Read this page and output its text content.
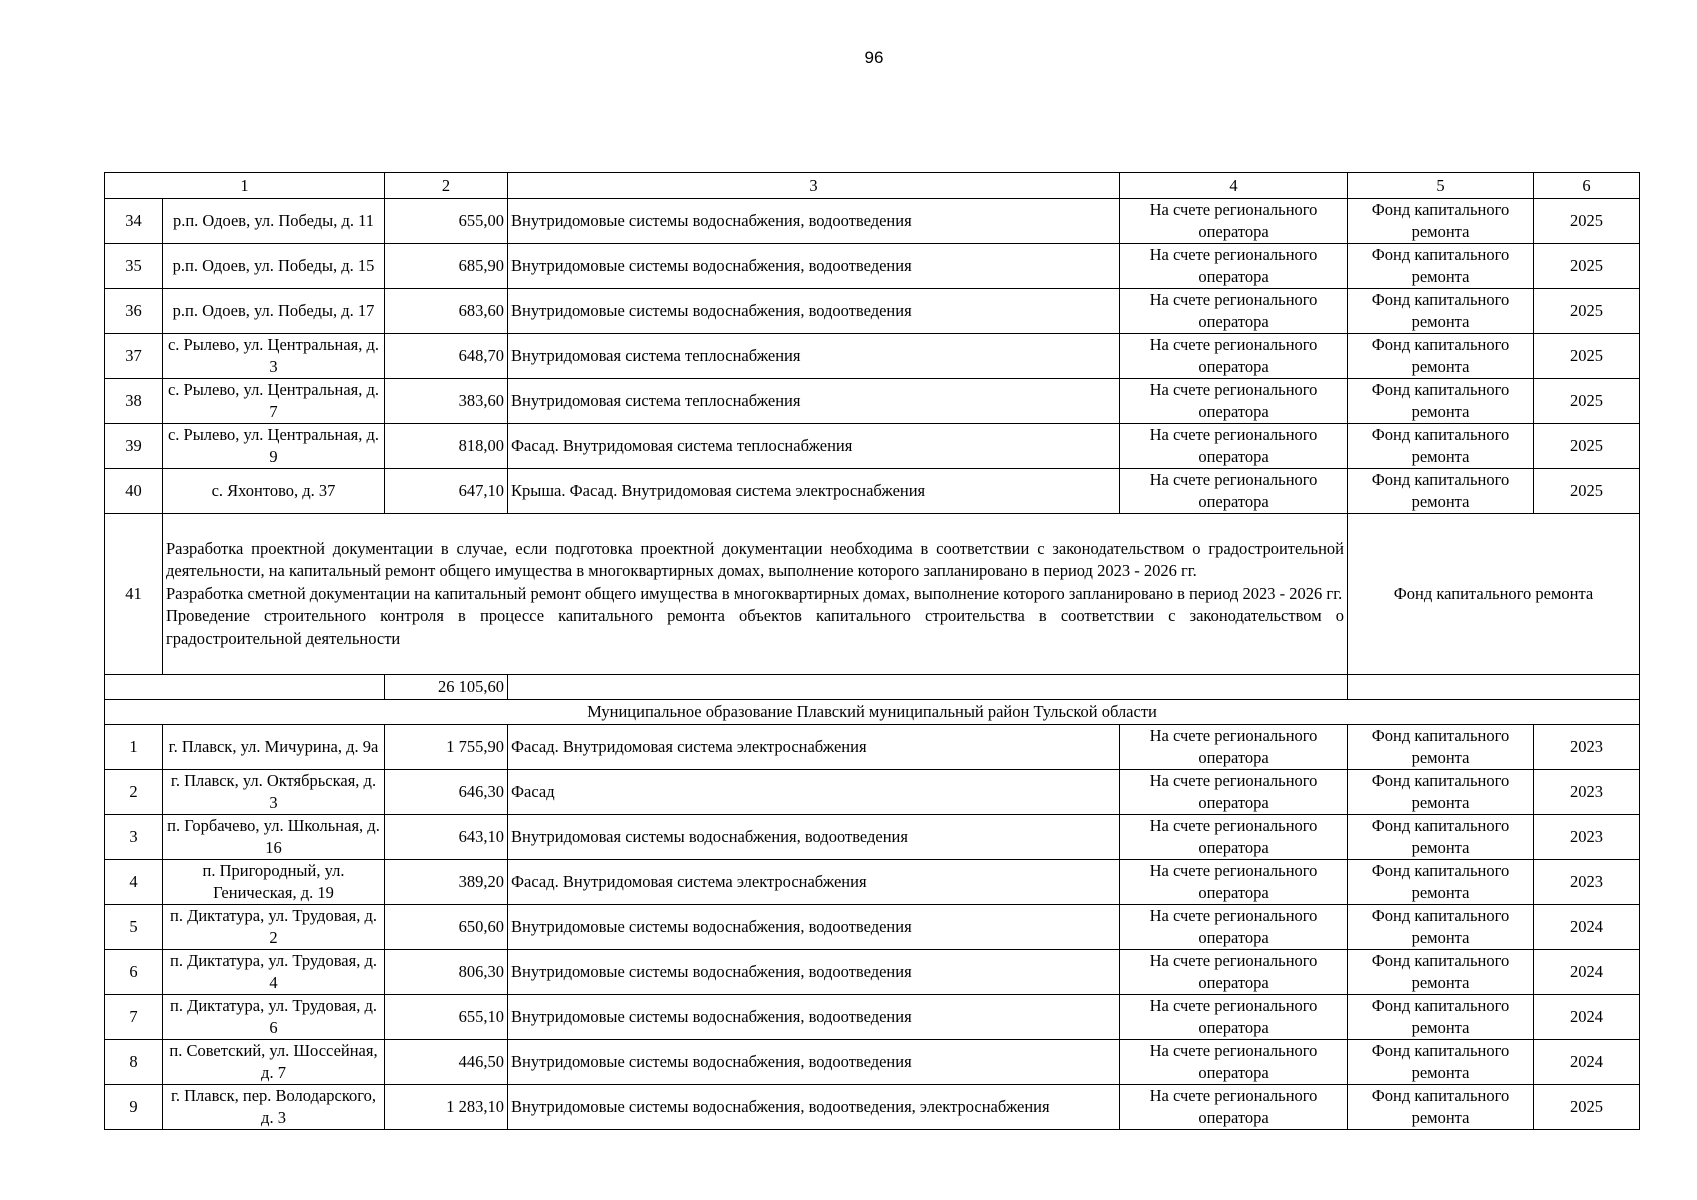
96
1		2	3	4	5	6
34	р.п. Одоев, ул. Победы, д. 11	655,00	Внутридомовые системы водоснабжения, водоотведения	На счете регионального оператора	Фонд капитального ремонта	2025
35	р.п. Одоев, ул. Победы, д. 15	685,90	Внутридомовые системы водоснабжения, водоотведения	На счете регионального оператора	Фонд капитального ремонта	2025
36	р.п. Одоев, ул. Победы, д. 17	683,60	Внутридомовые системы водоснабжения, водоотведения	На счете регионального оператора	Фонд капитального ремонта	2025
37	с. Рылево, ул. Центральная, д. 3	648,70	Внутридомовая система теплоснабжения	На счете регионального оператора	Фонд капитального ремонта	2025
38	с. Рылево, ул. Центральная, д. 7	383,60	Внутридомовая система теплоснабжения	На счете регионального оператора	Фонд капитального ремонта	2025
39	с. Рылево, ул. Центральная, д. 9	818,00	Фасад. Внутридомовая система теплоснабжения	На счете регионального оператора	Фонд капитального ремонта	2025
40	с. Яхонтово, д. 37	647,10	Крыша. Фасад. Внутридомовая система электроснабжения	На счете регионального оператора	Фонд капитального ремонта	2025
41	Разработка проектной документации в случае, если подготовка проектной документации необходима в соответствии с законодательством о градостроительной деятельности, на капитальный ремонт общего имущества в многоквартирных домах, выполнение которого запланировано в период 2023 - 2026 гг.
Разработка сметной документации на капитальный ремонт общего имущества в многоквартирных домах, выполнение которого запланировано в период 2023 - 2026 гг.
Проведение строительного контроля в процессе капитального ремонта объектов капитального строительства в соответствии с законодательством о градостроительной деятельности				Фонд капитального ремонта	
		26 105,60				
Муниципальное образование Плавский муниципальный район Тульской области						
1	г. Плавск, ул. Мичурина, д. 9а	1 755,90	Фасад. Внутридомовая система электроснабжения	На счете регионального оператора	Фонд капитального ремонта	2023
2	г. Плавск, ул. Октябрьская, д. 3	646,30	Фасад	На счете регионального оператора	Фонд капитального ремонта	2023
3	п. Горбачево, ул. Школьная, д. 16	643,10	Внутридомовая системы водоснабжения, водоотведения	На счете регионального оператора	Фонд капитального ремонта	2023
4	п. Пригородный, ул. Геническая, д. 19	389,20	Фасад. Внутридомовая система электроснабжения	На счете регионального оператора	Фонд капитального ремонта	2023
5	п. Диктатура, ул. Трудовая, д. 2	650,60	Внутридомовые системы водоснабжения, водоотведения	На счете регионального оператора	Фонд капитального ремонта	2024
6	п. Диктатура, ул. Трудовая, д. 4	806,30	Внутридомовые системы водоснабжения, водоотведения	На счете регионального оператора	Фонд капитального ремонта	2024
7	п. Диктатура, ул. Трудовая, д. 6	655,10	Внутридомовые системы водоснабжения, водоотведения	На счете регионального оператора	Фонд капитального ремонта	2024
8	п. Советский, ул. Шоссейная, д. 7	446,50	Внутридомовые системы водоснабжения, водоотведения	На счете регионального оператора	Фонд капитального ремонта	2024
9	г. Плавск, пер. Володарского, д. 3	1 283,10	Внутридомовые системы водоснабжения, водоотведения, электроснабжения	На счете регионального оператора	Фонд капитального ремонта	2025
